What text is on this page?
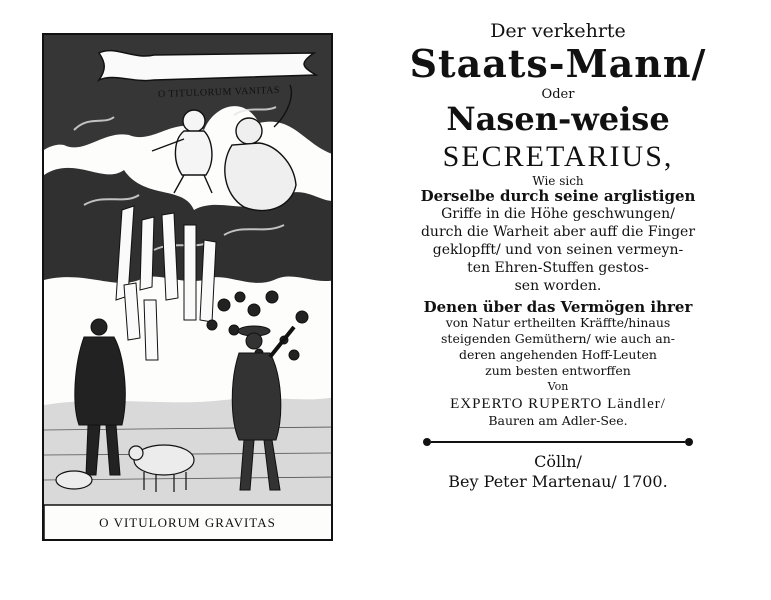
O TITULORUM VANITAS
O VITULORUM GRAVITAS
Der verkehrte
Staats-Mann/
Oder
Nasen-weise
SECRETARIUS,
Wie sich
Derselbe durch seine arglistigen
Griffe in die Höhe geschwungen/
durch die Warheit aber auff die Finger
geklopfft/ und von seinen vermeyn-
ten Ehren-Stuffen gestos-
sen worden.
Denen über das Vermögen ihrer
von Natur ertheilten Kräffte/hinaus
steigenden Gemüthern/ wie auch an-
deren angehenden Hoff-Leuten
zum besten entworffen
Von
EXPERTO RUPERTO Ländler/
Bauren am Adler-See.
Cölln/
Bey Peter Martenau/ 1700.
